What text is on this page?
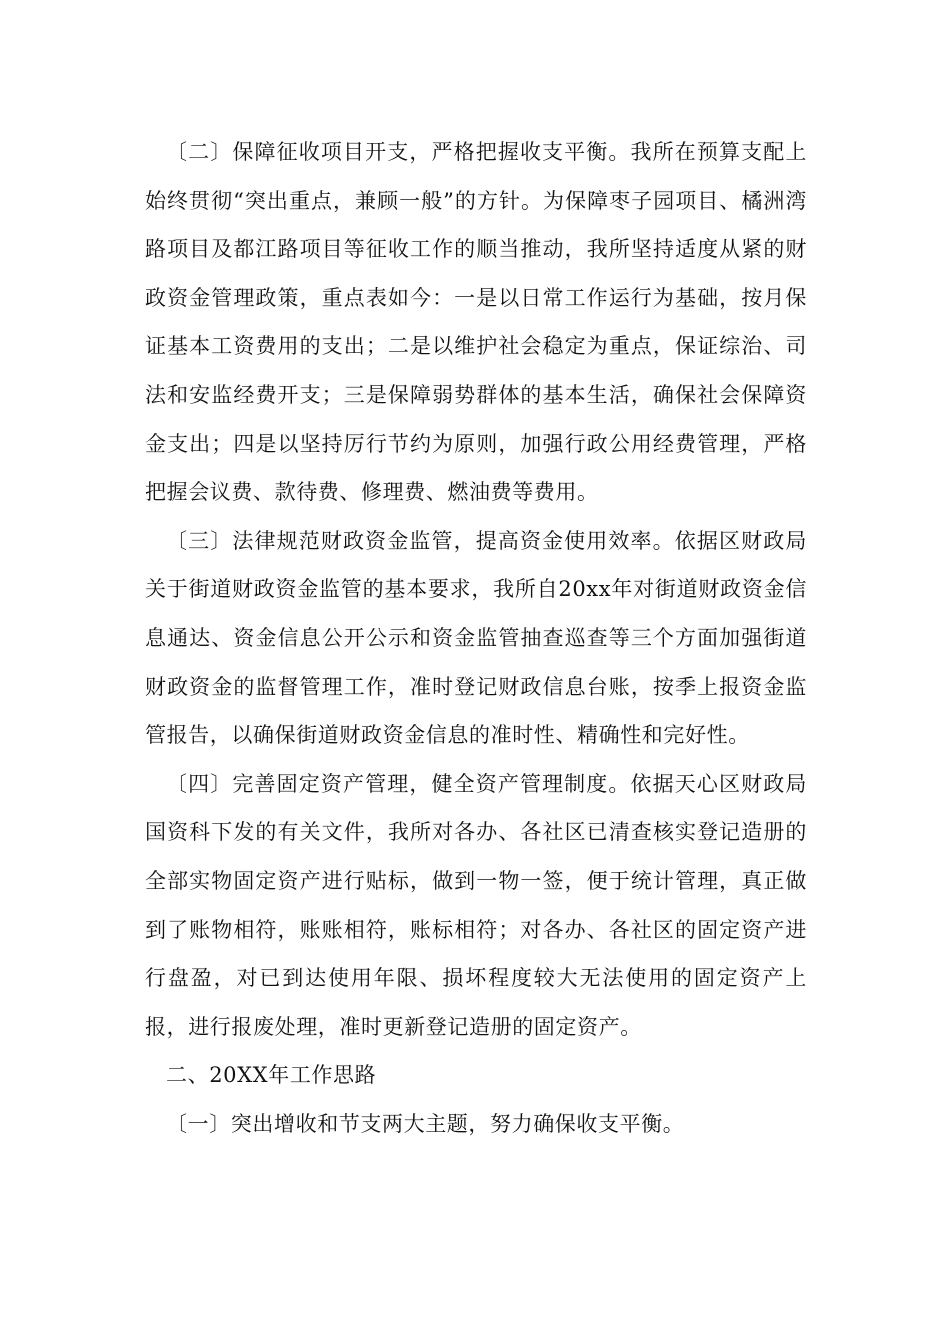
〔二〕保障征收项目开支，严格把握收支平衡。我所在预算支配上始终贯彻“突出重点，兼顾一般”的方针。为保障枣子园项目、橘洲湾路项目及都江路项目等征收工作的顺当推动，我所坚持适度从紧的财政资金管理政策，重点表如今：一是以日常工作运行为基础，按月保证基本工资费用的支出；二是以维护社会稳定为重点，保证综治、司法和安监经费开支；三是保障弱势群体的基本生活，确保社会保障资金支出；四是以坚持厉行节约为原则，加强行政公用经费管理，严格把握会议费、款待费、修理费、燃油费等费用。

〔三〕法律规范财政资金监管，提高资金使用效率。依据区财政局关于街道财政资金监管的基本要求，我所自20xx年对街道财政资金信息通达、资金信息公开公示和资金监管抽查巡查等三个方面加强街道财政资金的监督管理工作，准时登记财政信息台账，按季上报资金监管报告，以确保街道财政资金信息的准时性、精确性和完好性。

〔四〕完善固定资产管理，健全资产管理制度。依据天心区财政局国资科下发的有关文件，我所对各办、各社区已清查核实登记造册的全部实物固定资产进行贴标，做到一物一签，便于统计管理，真正做到了账物相符，账账相符，账标相符；对各办、各社区的固定资产进行盘盈，对已到达使用年限、损坏程度较大无法使用的固定资产上报，进行报废处理，准时更新登记造册的固定资产。

二、20XX年工作思路

〔一〕突出增收和节支两大主题，努力确保收支平衡。
